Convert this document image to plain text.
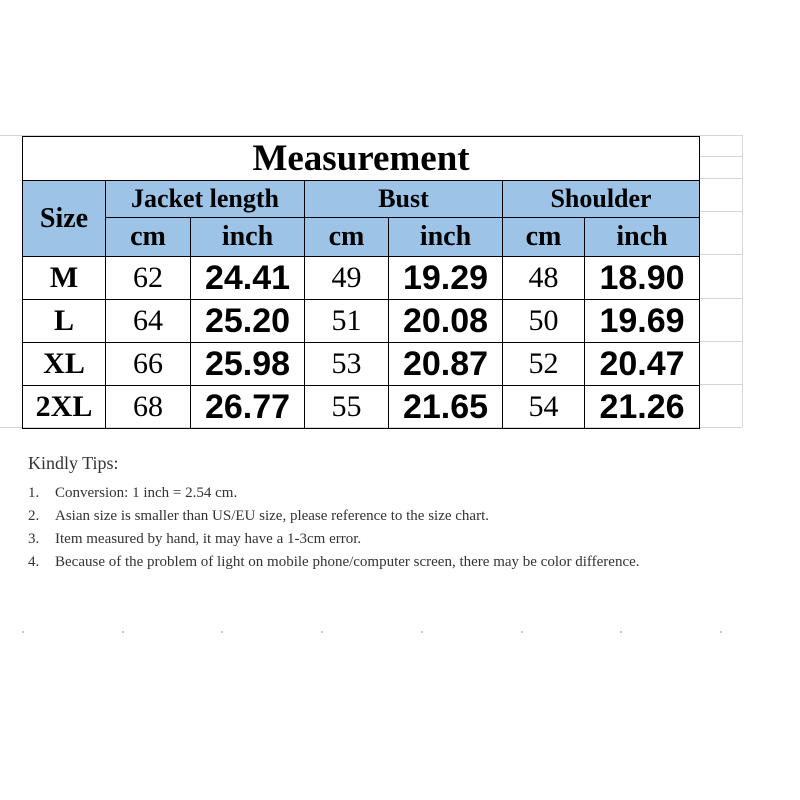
Measurement						
Size	Jacket length		Bust		Shoulder	
	cm	inch	cm	inch	cm	inch
M	62	24.41	49	19.29	48	18.90
L	64	25.20	51	20.08	50	19.69
XL	66	25.98	53	20.87	52	20.47
2XL	68	26.77	55	21.65	54	21.26
Kindly Tips:
1.	Conversion: 1 inch = 2.54 cm.
2.	Asian size is smaller than US/EU size, please reference to the size chart.
3.	Item measured by hand, it may have a 1-3cm error.
4.	Because of the problem of light on mobile phone/computer screen, there may be color difference.
